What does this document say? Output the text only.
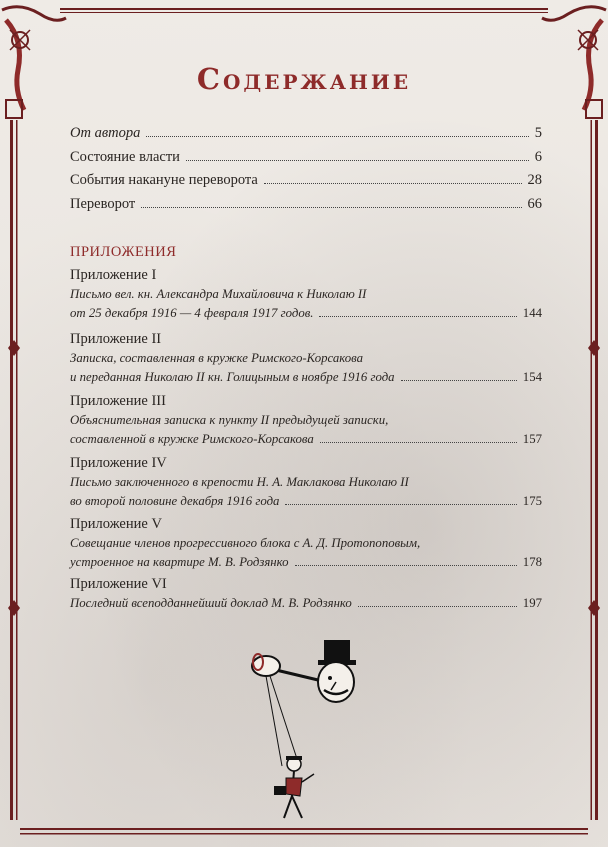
Содержание
От автора	5
Состояние власти	6
События накануне переворота	28
Переворот	66
ПРИЛОЖЕНИЯ
Приложение I
Письмо вел. кн. Александра Михайловича к Николаю II
от 25 декабря 1916 — 4 февраля 1917 годов.	144
Приложение II
Записка, составленная в кружке Римского-Корсакова
и переданная Николаю II кн. Голицыным в ноябре 1916 года	154
Приложение III
Объяснительная записка к пункту II предыдущей записки,
составленной в кружке Римского-Корсакова	157
Приложение IV
Письмо заключенного в крепости Н. А. Маклакова Николаю II
во второй половине декабря 1916 года	175
Приложение V
Совещание членов прогрессивного блока с А. Д. Протопоповым,
устроенное на квартире М. В. Родзянко	178
Приложение VI
Последний всеподданнейший доклад М. В. Родзянко	197
